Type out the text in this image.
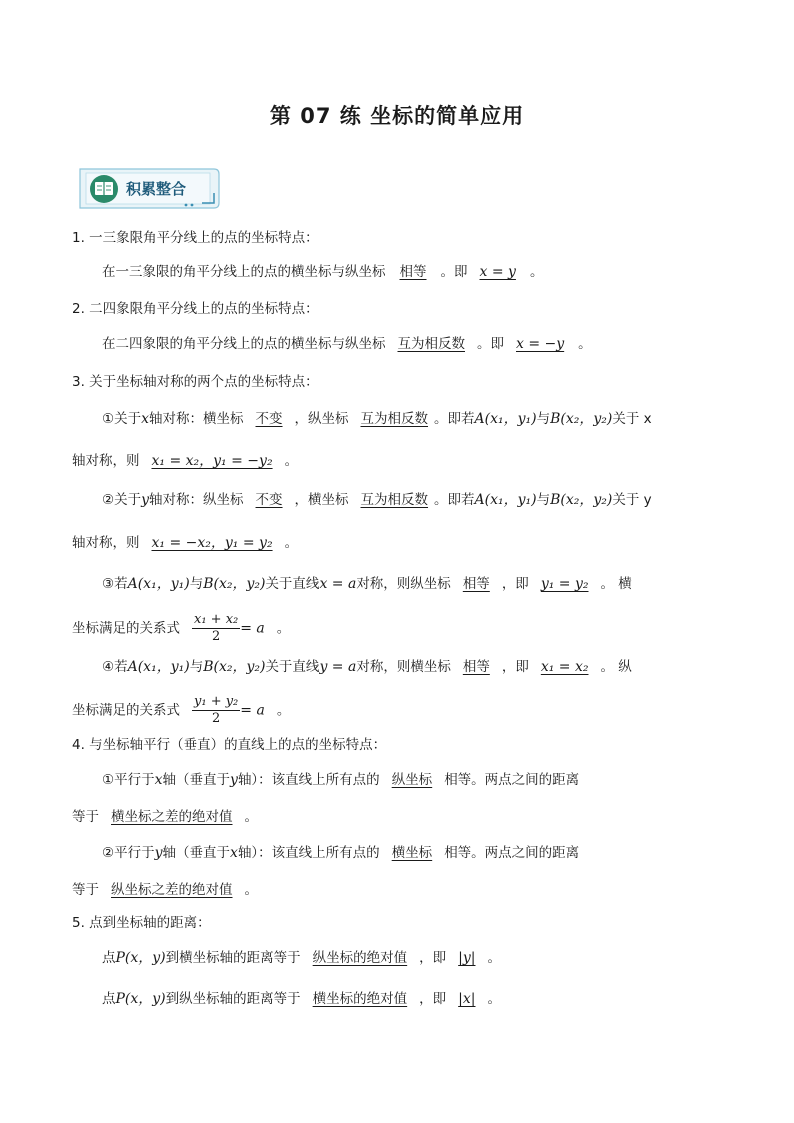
第 07 练 坐标的简单应用
积累整合
1. 一三象限角平分线上的点的坐标特点：
在一三象限的角平分线上的点的横坐标与纵坐标 相等 。即 x = y 。
2. 二四象限角平分线上的点的坐标特点：
在二四象限的角平分线上的点的横坐标与纵坐标 互为相反数 。即 x = −y 。
3. 关于坐标轴对称的两个点的坐标特点：
①关于x轴对称：横坐标 不变 ，纵坐标 互为相反数 。即若A(x₁，y₁)与B(x₂，y₂)关于 x
轴对称，则 x₁ = x₂，y₁ = −y₂ 。
②关于y轴对称：纵坐标 不变 ，横坐标 互为相反数 。即若A(x₁，y₁)与B(x₂，y₂)关于 y
轴对称，则 x₁ = −x₂，y₁ = y₂ 。
③若A(x₁，y₁)与B(x₂，y₂)关于直线x = a对称，则纵坐标 相等 ，即 y₁ = y₂ 。 横
坐标满足的关系式 $\frac{\text{x₁ + x₂}}{2} = a$ 。
④若A(x₁，y₁)与B(x₂，y₂)关于直线y = a对称，则横坐标 相等 ，即 x₁ = x₂ 。 纵
坐标满足的关系式 $\frac{\text{y₁ + y₂}}{2} = a$ 。
4. 与坐标轴平行（垂直）的直线上的点的坐标特点：
①平行于x轴（垂直于y轴）：该直线上所有点的 纵坐标 相等。两点之间的距离
等于 横坐标之差的绝对值 。
②平行于y轴（垂直于x轴）：该直线上所有点的 横坐标 相等。两点之间的距离
等于 纵坐标之差的绝对值 。
5. 点到坐标轴的距离：
点P(x，y)到横坐标轴的距离等于 纵坐标的绝对值 ，即 |y| 。
点P(x，y)到纵坐标轴的距离等于 横坐标的绝对值 ，即 |x| 。
